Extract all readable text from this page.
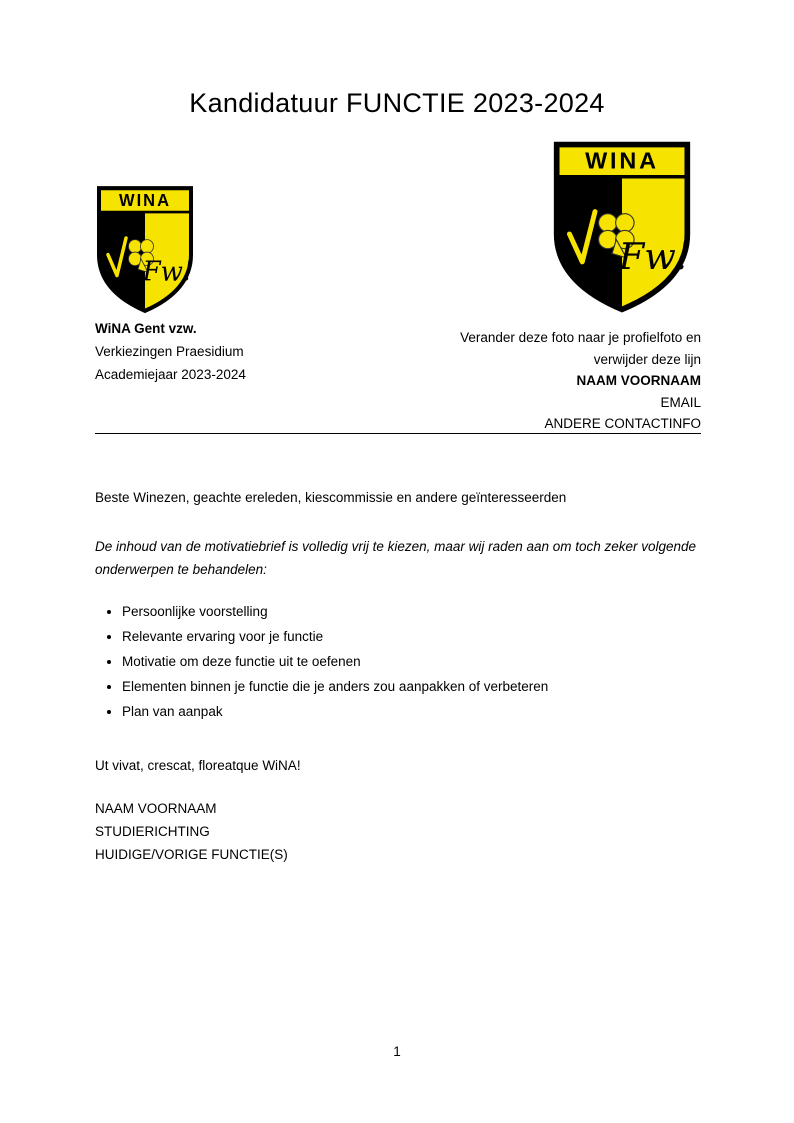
Kandidatuur FUNCTIE 2023-2024
WINA
Fw!
WINA
Fw!
WiNA Gent vzw.
Verkiezingen Praesidium
Academiejaar 2023-2024
Verander deze foto naar je profielfoto en
verwijder deze lijn
NAAM VOORNAAM
EMAIL
ANDERE CONTACTINFO

Beste Winezen, geachte ereleden, kiescommissie en andere geïnteresseerden

De inhoud van de motivatiebrief is volledig vrij te kiezen, maar wij raden aan om toch zeker volgende onderwerpen te behandelen:

• Persoonlijke voorstelling
• Relevante ervaring voor je functie
• Motivatie om deze functie uit te oefenen
• Elementen binnen je functie die je anders zou aanpakken of verbeteren
• Plan van aanpak

Ut vivat, crescat, floreatque WiNA!

NAAM VOORNAAM
STUDIERICHTING
HUIDIGE/VORIGE FUNCTIE(S)
1
